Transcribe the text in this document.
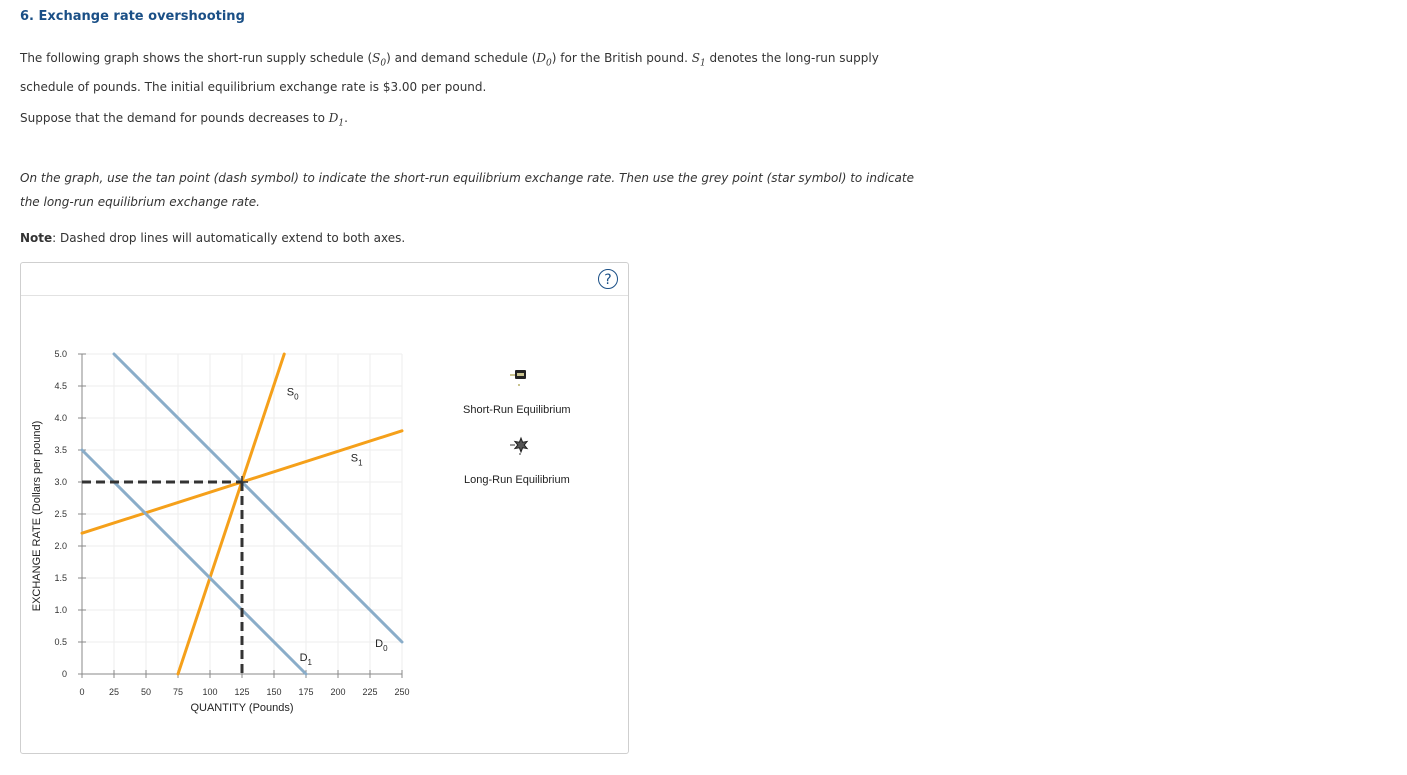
6. Exchange rate overshooting

The following graph shows the short-run supply schedule $(S_0)$ and demand schedule $(D_0)$ for the British pound. $S_1$ denotes the long-run supply
schedule of pounds. The initial equilibrium exchange rate is $3.00 per pound.

Suppose that the demand for pounds decreases to $D_1$.

On the graph, use the tan point (dash symbol) to indicate the short-run equilibrium exchange rate. Then use the grey point (star symbol) to indicate
the long-run equilibrium exchange rate.

Note: Dashed drop lines will automatically extend to both axes.

?
0	25 50 75 100 125 150 175 200 225 250
0
0.5
1.0
1.5
2.0
2.5
3.0
3.5
4.0
4.5
5.0
QUANTITY (Pounds)
EXCHANGE RATE (Dollars per pound)
$S_0$
$S_1$
$D_0$
$D_1$
Short-Run Equilibrium
Long-Run Equilibrium
